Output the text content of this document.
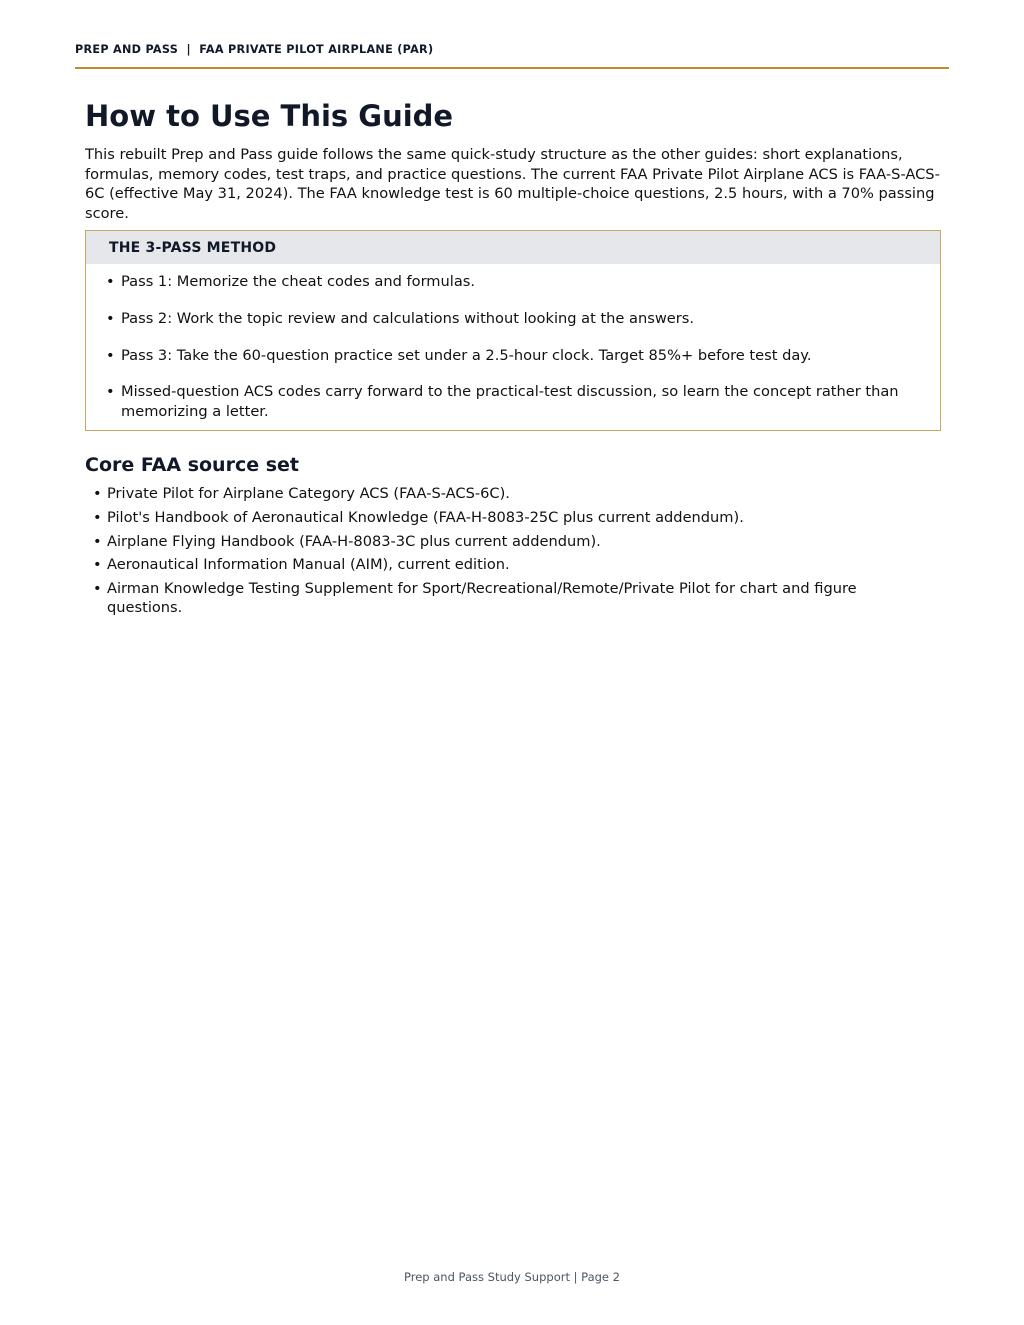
PREP AND PASS  |  FAA PRIVATE PILOT AIRPLANE (PAR)
How to Use This Guide

This rebuilt Prep and Pass guide follows the same quick-study structure as the other guides: short explanations, formulas, memory codes, test traps, and practice questions. The current FAA Private Pilot Airplane ACS is FAA-S-ACS-6C (effective May 31, 2024). The FAA knowledge test is 60 multiple-choice questions, 2.5 hours, with a 70% passing score.

THE 3-PASS METHOD
• Pass 1: Memorize the cheat codes and formulas.
• Pass 2: Work the topic review and calculations without looking at the answers.
• Pass 3: Take the 60-question practice set under a 2.5-hour clock. Target 85%+ before test day.
• Missed-question ACS codes carry forward to the practical-test discussion, so learn the concept rather than memorizing a letter.
Core FAA source set
• Private Pilot for Airplane Category ACS (FAA-S-ACS-6C).
• Pilot's Handbook of Aeronautical Knowledge (FAA-H-8083-25C plus current addendum).
• Airplane Flying Handbook (FAA-H-8083-3C plus current addendum).
• Aeronautical Information Manual (AIM), current edition.
• Airman Knowledge Testing Supplement for Sport/Recreational/Remote/Private Pilot for chart and figure questions.
Prep and Pass Study Support | Page 2
